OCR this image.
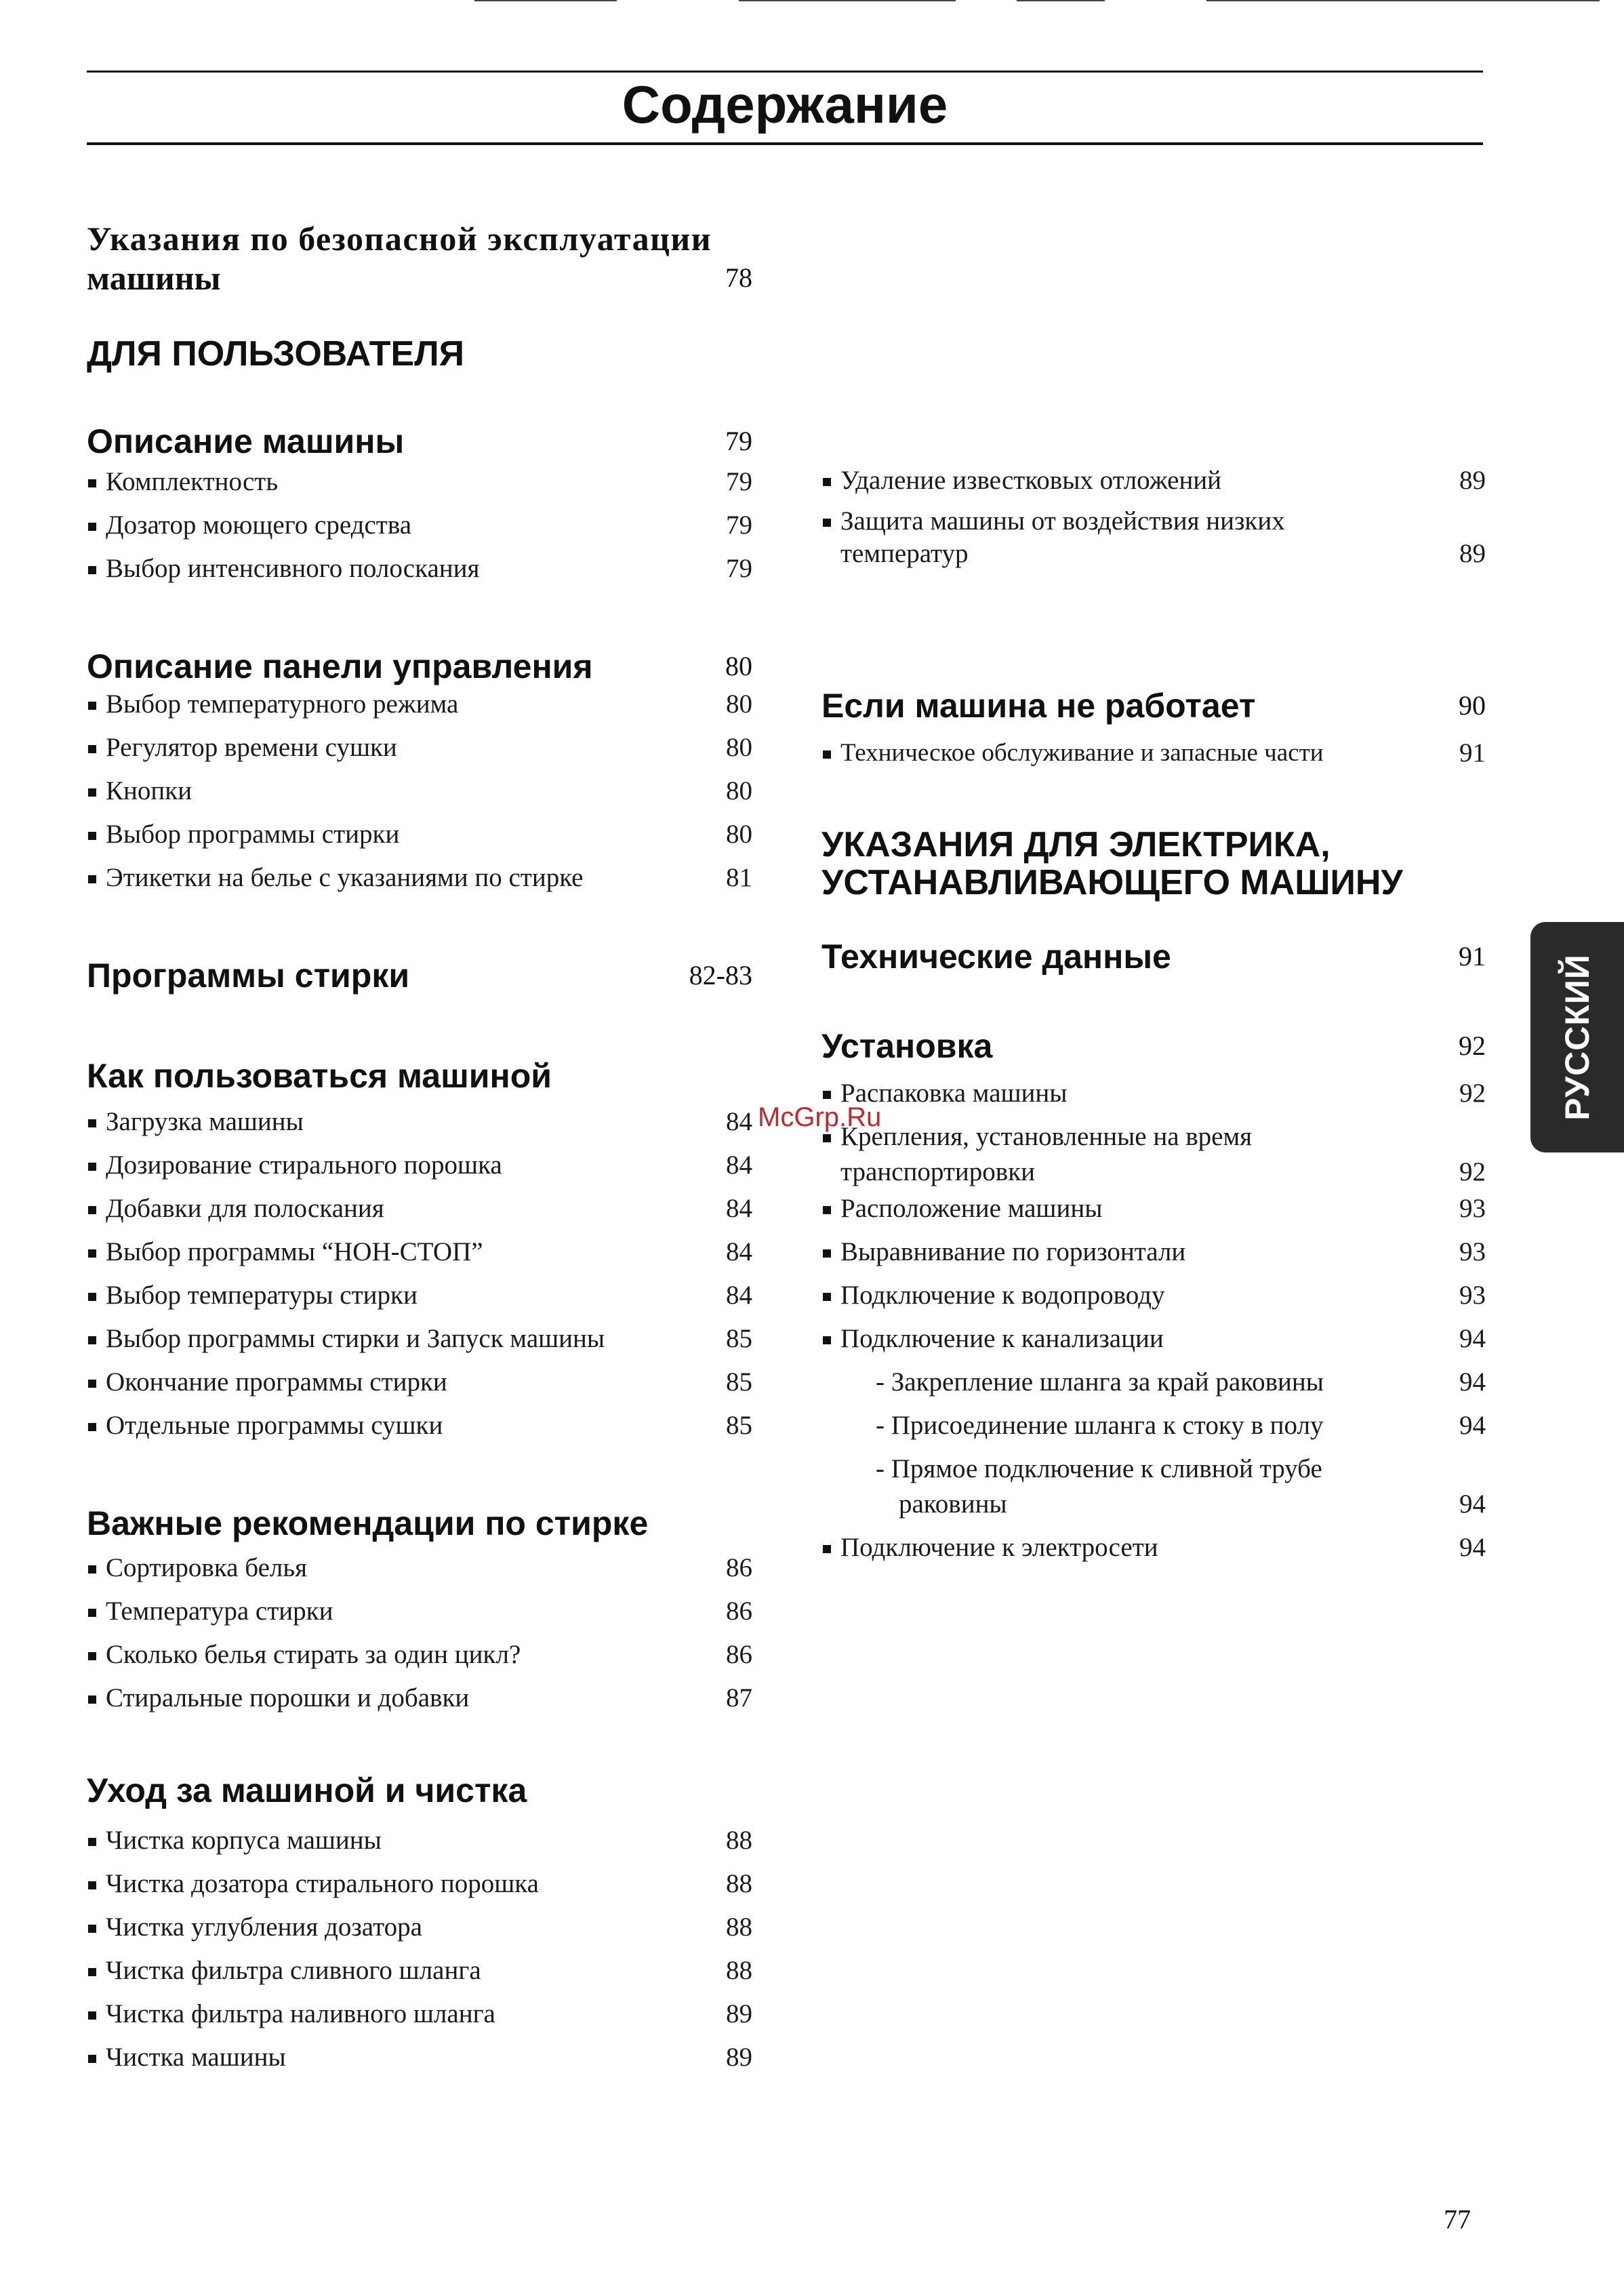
Содержание
Указания по безопасной эксплуатации
машины	78
ДЛЯ ПОЛЬЗОВАТЕЛЯ
Описание машины	79
Комплектность	79
Дозатор моющего средства	79
Выбор интенсивного полоскания	79
Описание панели управления	80
Выбор температурного режима	80
Регулятор времени сушки	80
Кнопки	80
Выбор программы стирки	80
Этикетки на белье с указаниями по стирке	81
Программы стирки	82-83
Как пользоваться машиной
Загрузка машины	84
Дозирование стирального порошка	84
Добавки для полоскания	84
Выбор программы “НОН-СТОП”	84
Выбор температуры стирки	84
Выбор программы стирки и Запуск машины	85
Окончание программы стирки	85
Отдельные программы сушки	85
Важные рекомендации по стирке
Сортировка белья	86
Температура стирки	86
Сколько белья стирать за один цикл?	86
Стиральные порошки и добавки	87
Уход за машиной и чистка
Чистка корпуса машины	88
Чистка дозатора стирального порошка	88
Чистка углубления дозатора	88
Чистка фильтра сливного шланга	88
Чистка фильтра наливного шланга	89
Чистка машины	89
Удаление известковых отложений	89
Защита машины от воздействия низких
температур	89
Если машина не работает	90
Техническое обслуживание и запасные части	91
УКАЗАНИЯ ДЛЯ ЭЛЕКТРИКА,
УСТАНАВЛИВАЮЩЕГО МАШИНУ
Технические данные	91
Установка	92
Распаковка машины	92
Крепления, установленные на время
транспортировки	92
Расположение машины	93
Выравнивание по горизонтали	93
Подключение к водопроводу	93
Подключение к канализации	94
- Закрепление шланга за край раковины	94
- Присоединение шланга к стоку в полу	94
- Прямое подключение к сливной трубе
раковины	94
Подключение к электросети	94
McGrp.Ru	РУССКИЙ
77
